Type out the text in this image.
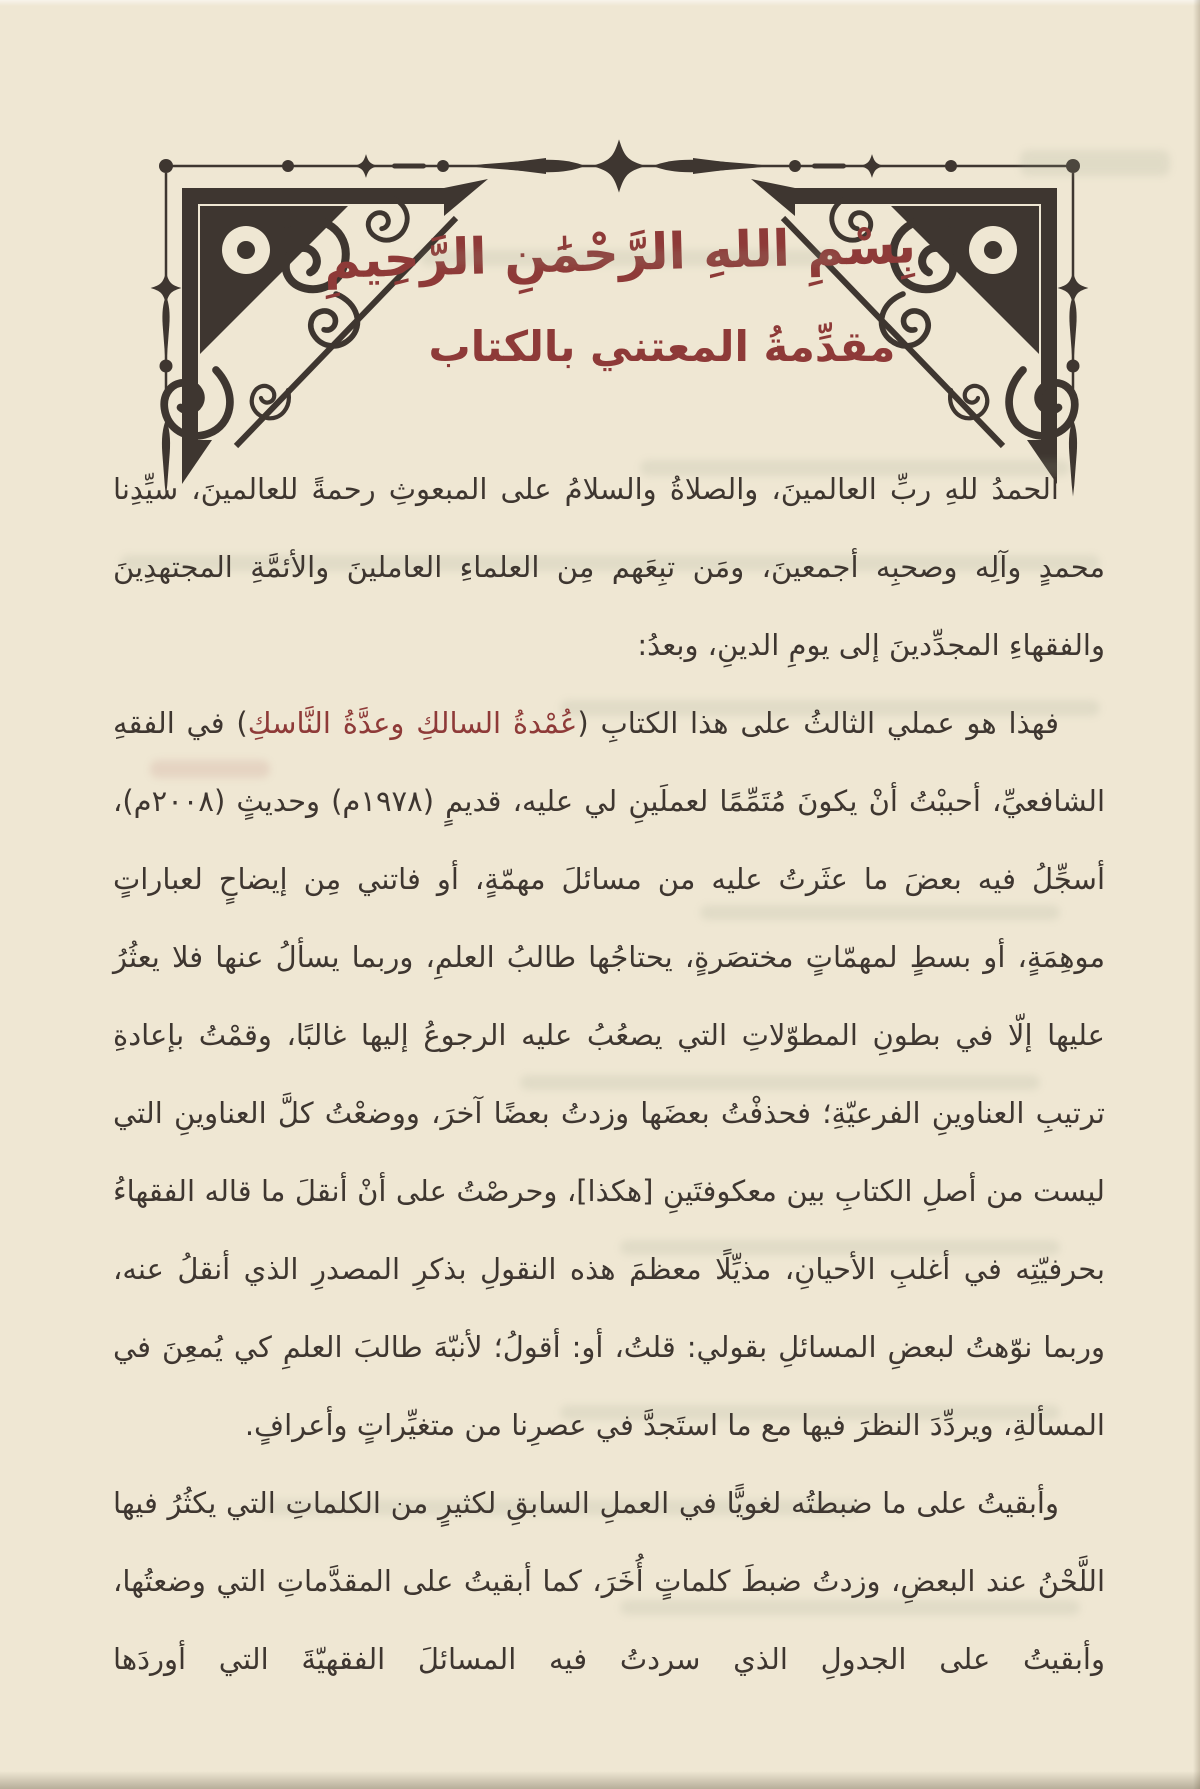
بِسْمِ اللهِ الرَّحْمَٰنِ الرَّحِيمِ
مقدِّمةُ المعتني بالكتاب

الحمدُ للهِ ربِّ العالمينَ، والصلاةُ والسلامُ على المبعوثِ رحمةً للعالمينَ، سيِّدِنا محمدٍ وآلِه وصحبِه أجمعينَ، ومَن تبِعَهم مِن العلماءِ العاملينَ والأئمَّةِ المجتهدِينَ والفقهاءِ المجدِّدينَ إلى يومِ الدينِ، وبعدُ:

فهذا هو عملي الثالثُ على هذا الكتابِ (عُمْدةُ السالكِ وعدَّةُ النَّاسكِ) في الفقهِ الشافعيِّ، أحببْتُ أنْ يكونَ مُتَمِّمًا لعملَينِ لي عليه، قديمٍ (١٩٧٨م) وحديثٍ (٢٠٠٨م)، أسجِّلُ فيه بعضَ ما عثَرتُ عليه من مسائلَ مهمّةٍ، أو فاتني مِن إيضاحٍ لعباراتٍ موهِمَةٍ، أو بسطٍ لمهمّاتٍ مختصَرةٍ، يحتاجُها طالبُ العلمِ، وربما يسألُ عنها فلا يعثُرُ عليها إلّا في بطونِ المطوّلاتِ التي يصعُبُ عليه الرجوعُ إليها غالبًا، وقمْتُ بإعادةِ ترتيبِ العناوينِ الفرعيّةِ؛ فحذفْتُ بعضَها وزدتُ بعضًا آخرَ، ووضعْتُ كلَّ العناوينِ التي ليست من أصلِ الكتابِ بين معكوفتَينِ [هكذا]، وحرصْتُ على أنْ أنقلَ ما قاله الفقهاءُ بحرفيّتِه في أغلبِ الأحيانِ، مذيِّلًا معظمَ هذه النقولِ بذكرِ المصدرِ الذي أنقلُ عنه، وربما نوّهتُ لبعضِ المسائلِ بقولي: قلتُ، أو: أقولُ؛ لأنبّهَ طالبَ العلمِ كي يُمعِنَ في المسألةِ، ويردِّدَ النظرَ فيها مع ما استَجدَّ في عصرِنا من متغيِّراتٍ وأعرافٍ.

وأبقيتُ على ما ضبطتُه لغويًّا في العملِ السابقِ لكثيرٍ من الكلماتِ التي يكثُرُ فيها اللَّحْنُ عند البعضِ، وزدتُ ضبطَ كلماتٍ أُخَرَ، كما أبقيتُ على المقدَّماتِ التي وضعتُها، وأبقيتُ على الجدولِ الذي سردتُ فيه المسائلَ الفقهيّةَ التي أوردَها
